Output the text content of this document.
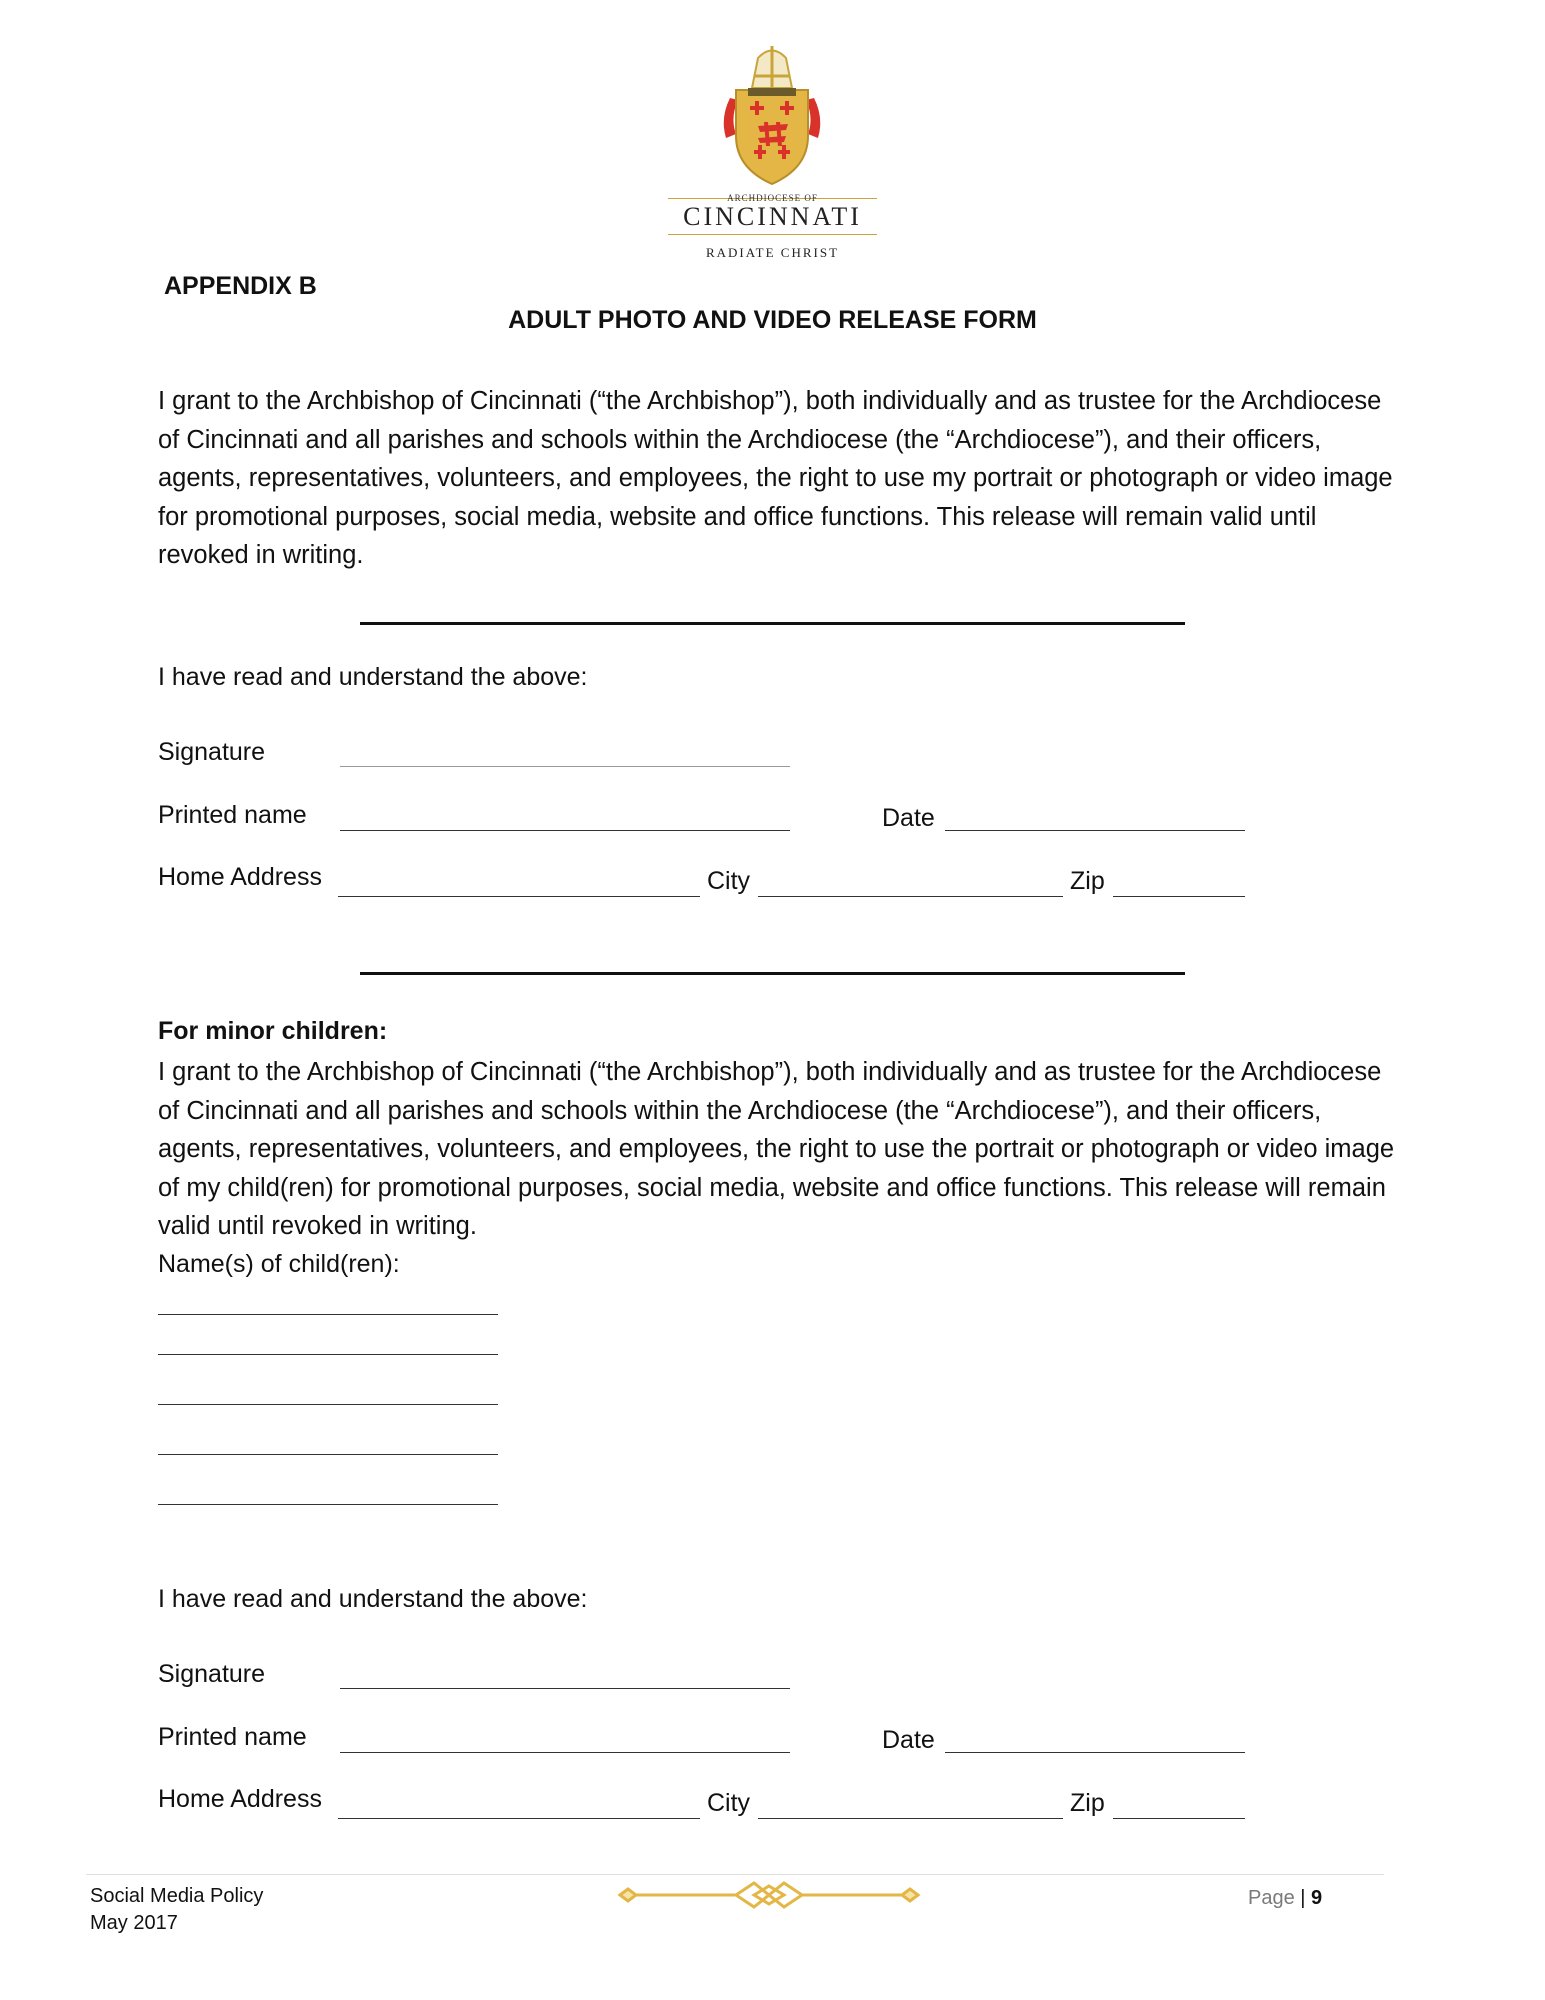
ARCHDIOCESE OF
CINCINNATI
RADIATE CHRIST
APPENDIX B
ADULT PHOTO AND VIDEO RELEASE FORM

I grant to the Archbishop of Cincinnati (“the Archbishop”), both individually and as trustee for the Archdiocese of Cincinnati and all parishes and schools within the Archdiocese (the “Archdiocese”), and their officers, agents, representatives, volunteers, and employees, the right to use my portrait or photograph or video image for promotional purposes, social media, website and office functions. This release will remain valid until revoked in writing.

I have read and understand the above:
Signature
Printed name	Date
Home Address	City	Zip
For minor children:

I grant to the Archbishop of Cincinnati (“the Archbishop”), both individually and as trustee for the Archdiocese of Cincinnati and all parishes and schools within the Archdiocese (the “Archdiocese”), and their officers, agents, representatives, volunteers, and employees, the right to use the portrait or photograph or video image of my child(ren) for promotional purposes, social media, website and office functions. This release will remain valid until revoked in writing.

Name(s) of child(ren):
I have read and understand the above:
Signature
Printed name	Date
Home Address	City	Zip
Social Media Policy
May 2017
Page | 9
